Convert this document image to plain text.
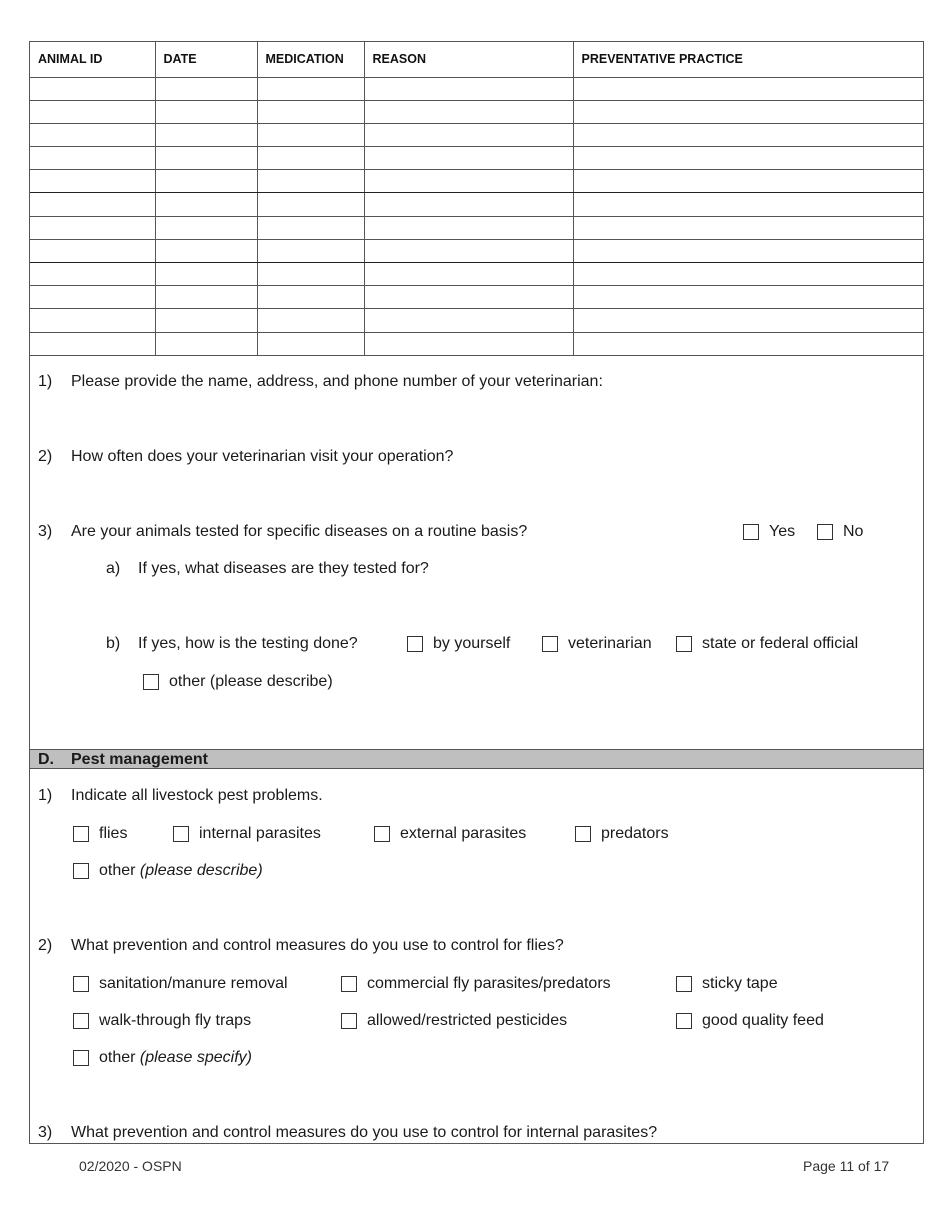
ANIMAL ID	DATE	MEDICATION	REASON	PREVENTATIVE PRACTICE

1) Please provide the name, address, and phone number of your veterinarian:
2) How often does your veterinarian visit your operation?
3) Are your animals tested for specific diseases on a routine basis?	Yes	No
a) If yes, what diseases are they tested for?
b) If yes, how is the testing done?	by yourself	veterinarian	state or federal official
other (please describe)
D. Pest management
1) Indicate all livestock pest problems.
flies	internal parasites	external parasites	predators
other
(please describe)
2) What prevention and control measures do you use to control for flies?
sanitation/manure removal	commercial fly parasites/predators	sticky tape
walk-through fly traps	allowed/restricted pesticides	good quality feed
other
(please specify)
3) What prevention and control measures do you use to control for internal parasites?
02/2020 - OSPN	Page 11 of 17
